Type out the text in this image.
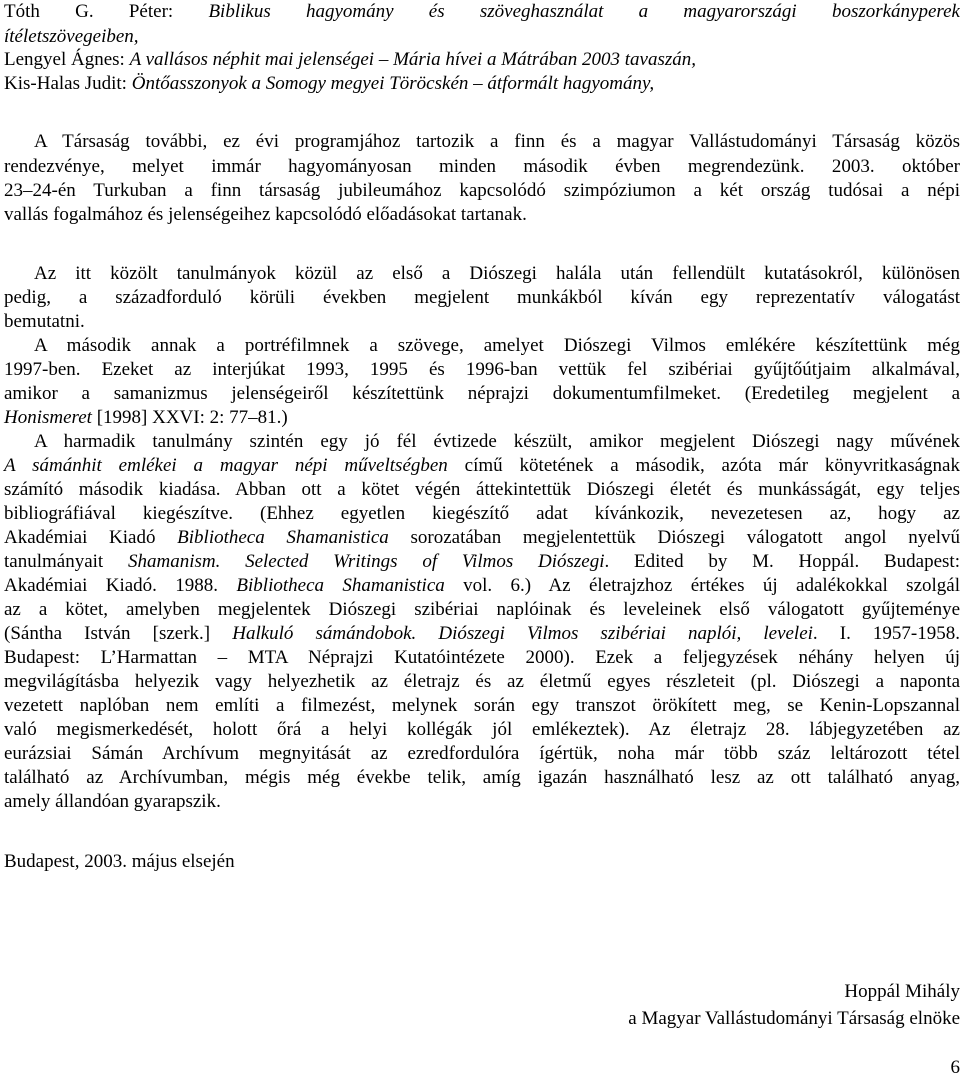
Tóth G. Péter: Biblikus hagyomány és szöveghasználat a magyarországi boszorkányperek
ítéletszövegeiben,
Lengyel Ágnes: A vallásos néphit mai jelenségei – Mária hívei a Mátrában 2003 tavaszán,
Kis-Halas Judit: Öntőasszonyok a Somogy megyei Töröcskén – átformált hagyomány,
A Társaság további, ez évi programjához tartozik a finn és a magyar Vallástudományi Társaság közös
rendezvénye, melyet immár hagyományosan minden második évben megrendezünk. 2003. október
23–24-én Turkuban a finn társaság jubileumához kapcsolódó szimpóziumon a két ország tudósai a népi
vallás fogalmához és jelenségeihez kapcsolódó előadásokat tartanak.
Az itt közölt tanulmányok közül az első a Diószegi halála után fellendült kutatásokról, különösen
pedig, a századforduló körüli években megjelent munkákból kíván egy reprezentatív válogatást
bemutatni.
A második annak a portréfilmnek a szövege, amelyet Diószegi Vilmos emlékére készítettünk még
1997-ben. Ezeket az interjúkat 1993, 1995 és 1996-ban vettük fel szibériai gyűjtőútjaim alkalmával,
amikor a samanizmus jelenségeiről készítettünk néprajzi dokumentumfilmeket. (Eredetileg megjelent a
Honismeret [1998] XXVI: 2: 77–81.)
A harmadik tanulmány szintén egy jó fél évtizede készült, amikor megjelent Diószegi nagy művének
A sámánhit emlékei a magyar népi műveltségben című kötetének a második, azóta már könyvritkaságnak
számító második kiadása. Abban ott a kötet végén áttekintettük Diószegi életét és munkásságát, egy teljes
bibliográfiával kiegészítve. (Ehhez egyetlen kiegészítő adat kívánkozik, nevezetesen az, hogy az
Akadémiai Kiadó Bibliotheca Shamanistica sorozatában megjelentettük Diószegi válogatott angol nyelvű
tanulmányait Shamanism. Selected Writings of Vilmos Diószegi. Edited by M. Hoppál. Budapest:
Akadémiai Kiadó. 1988. Bibliotheca Shamanistica vol. 6.) Az életrajzhoz értékes új adalékokkal szolgál
az a kötet, amelyben megjelentek Diószegi szibériai naplóinak és leveleinek első válogatott gyűjteménye
(Sántha István [szerk.] Halkuló sámándobok. Diószegi Vilmos szibériai naplói, levelei. I. 1957-1958.
Budapest: L’Harmattan – MTA Néprajzi Kutatóintézete 2000). Ezek a feljegyzések néhány helyen új
megvilágításba helyezik vagy helyezhetik az életrajz és az életmű egyes részleteit (pl. Diószegi a naponta
vezetett naplóban nem említi a filmezést, melynek során egy transzot örökített meg, se Kenin-Lopszannal
való megismerkedését, holott őrá a helyi kollégák jól emlékeztek). Az életrajz 28. lábjegyzetében az
eurázsiai Sámán Archívum megnyitását az ezredfordulóra ígértük, noha már több száz leltározott tétel
található az Archívumban, mégis még évekbe telik, amíg igazán használható lesz az ott található anyag,
amely állandóan gyarapszik.
Budapest, 2003. május elsején
Hoppál Mihály
a Magyar Vallástudományi Társaság elnöke
6
